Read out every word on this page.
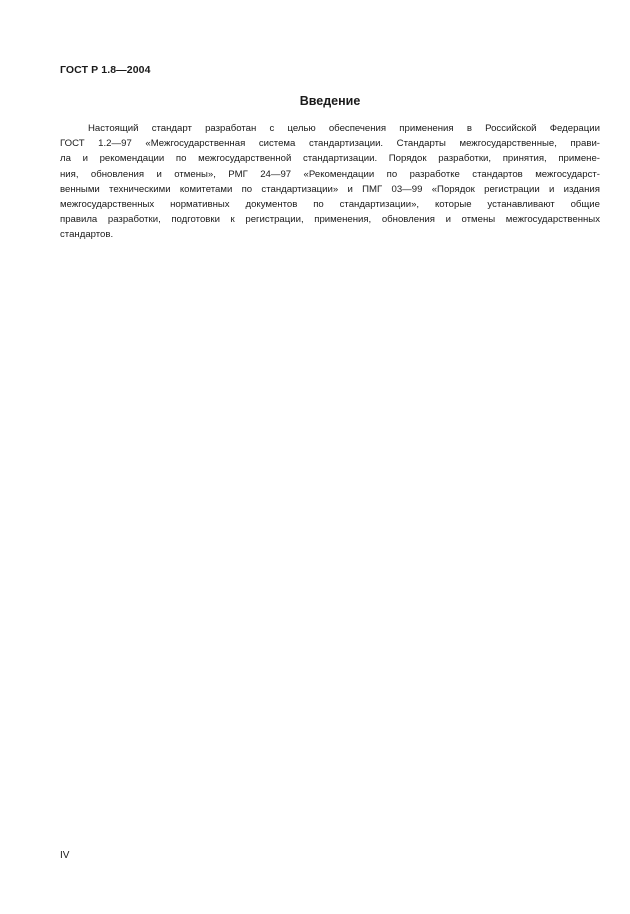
ГОСТ Р 1.8—2004

Введение
Настоящий стандарт разработан с целью обеспечения применения в Российской Федерации
ГОСТ 1.2—97 «Межгосударственная система стандартизации. Стандарты межгосударственные, прави-
ла и рекомендации по межгосударственной стандартизации. Порядок разработки, принятия, примене-
ния, обновления и отмены», РМГ 24—97 «Рекомендации по разработке стандартов межгосударст-
венными техническими комитетами по стандартизации» и ПМГ 03—99 «Порядок регистрации и издания
межгосударственных нормативных документов по стандартизации», которые устанавливают общие
правила разработки, подготовки к регистрации, применения, обновления и отмены межгосударственных
стандартов.

IV
